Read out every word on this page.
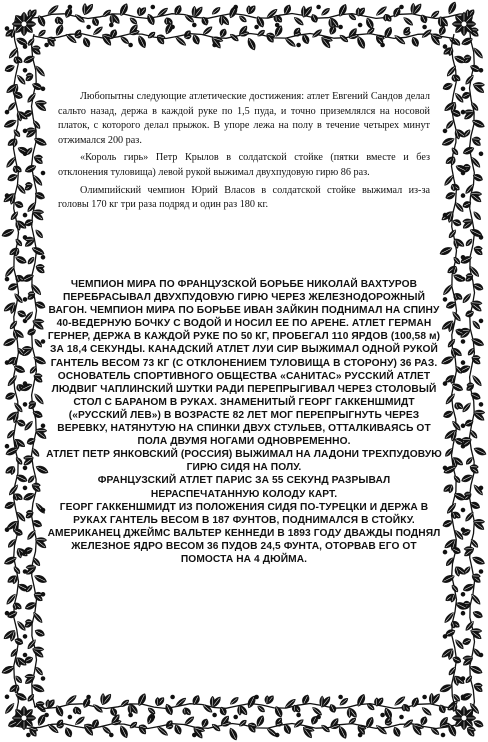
Любопытны следующие атлетические достижения: атлет Евгений Сандов делал сальто назад, держа в каждой руке по 1,5 пуда, и точно приземлялся на носовой платок, с которого делал прыжок. В упоре лежа на полу в течение четырех минут отжимался 200 раз.

«Король гирь» Петр Крылов в солдатской стойке (пятки вместе и без отклонения туловища) левой рукой выжимал двухпудовую гирю 86 раз.

Олимпийский чемпион Юрий Власов в солдатской стойке выжимал из-за головы 170 кг три раза подряд и один раз 180 кг.

ЧЕМПИОН МИРА ПО ФРАНЦУЗСКОЙ БОРЬБЕ НИКОЛАЙ ВАХТУРОВ ПЕРЕБРАСЫВАЛ ДВУХПУДОВУЮ ГИРЮ ЧЕРЕЗ ЖЕЛЕЗНОДОРОЖНЫЙ ВАГОН. ЧЕМПИОН МИРА ПО БОРЬБЕ ИВАН ЗАЙКИН ПОДНИМАЛ НА СПИНУ 40-ВЕДЕРНУЮ БОЧКУ С ВОДОЙ И НОСИЛ ЕЕ ПО АРЕНЕ. АТЛЕТ ГЕРМАН ГЕРНЕР, ДЕРЖА В КАЖДОЙ РУКЕ ПО 50 КГ, ПРОБЕГАЛ 110 ЯРДОВ (100,58 м) ЗА 18,4 СЕКУНДЫ. КАНАДСКИЙ АТЛЕТ ЛУИ СИР ВЫЖИМАЛ ОДНОЙ РУКОЙ ГАНТЕЛЬ ВЕСОМ 73 КГ (С ОТКЛОНЕНИЕМ ТУЛОВИЩА В СТОРОНУ) 36 РАЗ.

ОСНОВАТЕЛЬ СПОРТИВНОГО ОБЩЕСТВА «САНИТАС» РУССКИЙ АТЛЕТ ЛЮДВИГ ЧАПЛИНСКИЙ ШУТКИ РАДИ ПЕРЕПРЫГИВАЛ ЧЕРЕЗ СТОЛОВЫЙ СТОЛ С БАРАНОМ В РУКАХ. ЗНАМЕНИТЫЙ ГЕОРГ ГАККЕНШМИДТ («РУССКИЙ ЛЕВ») В ВОЗРАСТЕ 82 ЛЕТ МОГ ПЕРЕПРЫГНУТЬ ЧЕРЕЗ ВЕРЕВКУ, НАТЯНУТУЮ НА СПИНКИ ДВУХ СТУЛЬЕВ, ОТТАЛКИВАЯСЬ ОТ ПОЛА ДВУМЯ НОГАМИ ОДНОВРЕМЕННО.

АТЛЕТ ПЕТР ЯНКОВСКИЙ (РОССИЯ) ВЫЖИМАЛ НА ЛАДОНИ ТРЕХПУДОВУЮ ГИРЮ СИДЯ НА ПОЛУ.

ФРАНЦУЗСКИЙ АТЛЕТ ПАРИС ЗА 55 СЕКУНД РАЗРЫВАЛ НЕРАСПЕЧАТАННУЮ КОЛОДУ КАРТ.

ГЕОРГ ГАККЕНШМИДТ ИЗ ПОЛОЖЕНИЯ СИДЯ ПО-ТУРЕЦКИ И ДЕРЖА В РУКАХ ГАНТЕЛЬ ВЕСОМ В 187 ФУНТОВ, ПОДНИМАЛСЯ В СТОЙКУ.

АМЕРИКАНЕЦ ДЖЕЙМС ВАЛЬТЕР КЕННЕДИ В 1893 ГОДУ ДВАЖДЫ ПОДНЯЛ ЖЕЛЕЗНОЕ ЯДРО ВЕСОМ 36 ПУДОВ 24,5 ФУНТА, ОТОРВАВ ЕГО ОТ ПОМОСТА НА 4 ДЮЙМА.
